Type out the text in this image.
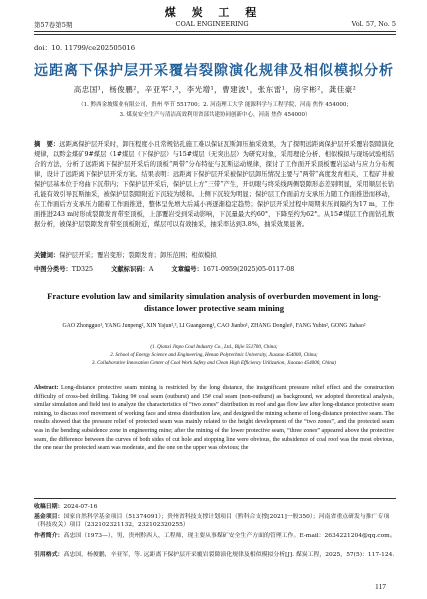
煤 炭 工 程
第57卷第5期	COAL ENGINEERING	Vol. 57, No. 5
doi：10. 11799/ce202505016
远距离下保护层开采覆岩裂隙演化规律及相似模拟分析
高忠国¹，杨俊鹏²，辛亚军²,³，李光增¹，曹建波¹，张东雷¹，房宇彬²，龚佳豪²
（1. 黔西金坡煤业有限公司，贵州 毕节 551700；2. 河南理工大学 能源科学与工程学院，河南 焦作 454000；
3. 煤炭安全生产与清洁高效利用省部共建协同创新中心，河南 焦作 454000）
摘　要：远距离保护层开采时，卸压程度小且常规钻孔施工难以保证瓦斯卸压抽采效果，为了探明远距离保护层开采覆岩裂隙演化规律，以黔金煤矿9#煤层（1#煤层（下保护层）与15#煤层（无突出层）为研究对象，采用理论分析、相似模拟与现场试验相结合的方法，分析了远距离下保护层开采后的顶板“两带”分布特征与瓦斯运动规律，探讨了工作面开采顶板覆岩运动与应力分布规律，设计了远距离下保护层开采方案。结果表明：远距离下保护层开采被保护层卸压情况主要与“两带”高度发育相关，工程矿井被保护层基本位于弯曲下沉带内；下保护层开采后，保护层上方“三带”产生，开切眼与终采线两侧裂隙形态差别明显，采用顺层长钻孔能有效引导瓦斯抽采，被保护层裂隙附近下沉较为缓和。上侧下沉较为明显；保护层工作面前方支承压力随工作面推进而移动，在工作面后方支承压力随着工作面推进，整体呈先增大后减小再逐渐稳定趋势；保护层开采过程中周期来压间隔约为17 m，工作面推进243 m时形成裂隙发育带至顶板，上部覆岩受到采动影响，下沉量最大约60°，下降至约为62°。从15#煤层工作面钻孔数据分析，被保护层裂隙发育带至顶板附近，煤层可以有效抽采，抽采率达到3.8%，抽采效果显著。
关键词：保护层开采；覆岩变形；裂隙发育；卸压范围；相似模拟
中图分类号：TD325	文献标识码：A	文章编号：1671-0959(2025)05-0117-08
Fracture evolution law and similarity simulation analysis of overburden movement in long-distance lower protective seam mining
GAO Zhongguo¹, YANG Junpeng², XIN Yajun²,³, LI Guangzeng¹, CAO Jianbo¹, ZHANG Donglei¹, FANG Yubin², GONG Jiahao²
(1. Qianxi Jinpo Coal Industry Co., Ltd., Bijie 551700, China;
2. School of Energy Science and Engineering, Henan Polytechnic University, Jiaozuo 454000, China;
3. Collaborative Innovation Center of Coal Work Safety and Clean High Efficiency Utilization, Jiaozuo 454000, China)
Abstract: Long-distance protective seam mining is restricted by the long distance, the insignificant pressure relief effect and the construction difficulty of cross-bed drilling. Taking 9# coal seam (outburst) and 15# coal seam (non-outburst) as background, we adopted theoretical analysis, similar simulation and field test to analyze the characteristics of “two zones” distribution in roof and gas flow law after long-distance protective seam mining, to discuss roof movement of working face and stress distribution law, and designed the mining scheme of long-distance protective seam. The results showed that the pressure relief of protected seam was mainly related to the height development of the “two zones”, and the protected seam was in the bending subsidence zone in engineering mine; after the mining of the lower protective seam, “three zones” appeared above the protective seam, the difference between the curves of both sides of cut hole and stopping line were obvious, the subsidence of coal roof was the most obvious, the one near the protected seam was moderate, and the one on the upper was obvious; the
收稿日期：2024-07-16
基金项目：国家自然科学基金项目（51374091）；贵州省科技支撑计划项目（黔科合支撑[2021]一般350）；河南省重点研发与推广专项（科技攻关）项目（232102321132，232102320255）
作者简介：高忠国（1973—），男，贵州黔西人，工程师，现主要从事煤矿安全生产方面的管理工作。E-mail：2634221204@qq.com。
引用格式：高忠国，杨俊鹏，辛亚军，等. 远距离下保护层开采覆岩裂隙演化规律及相似模拟分析[J]. 煤炭工程，2025，57(5)：117-124.
117
